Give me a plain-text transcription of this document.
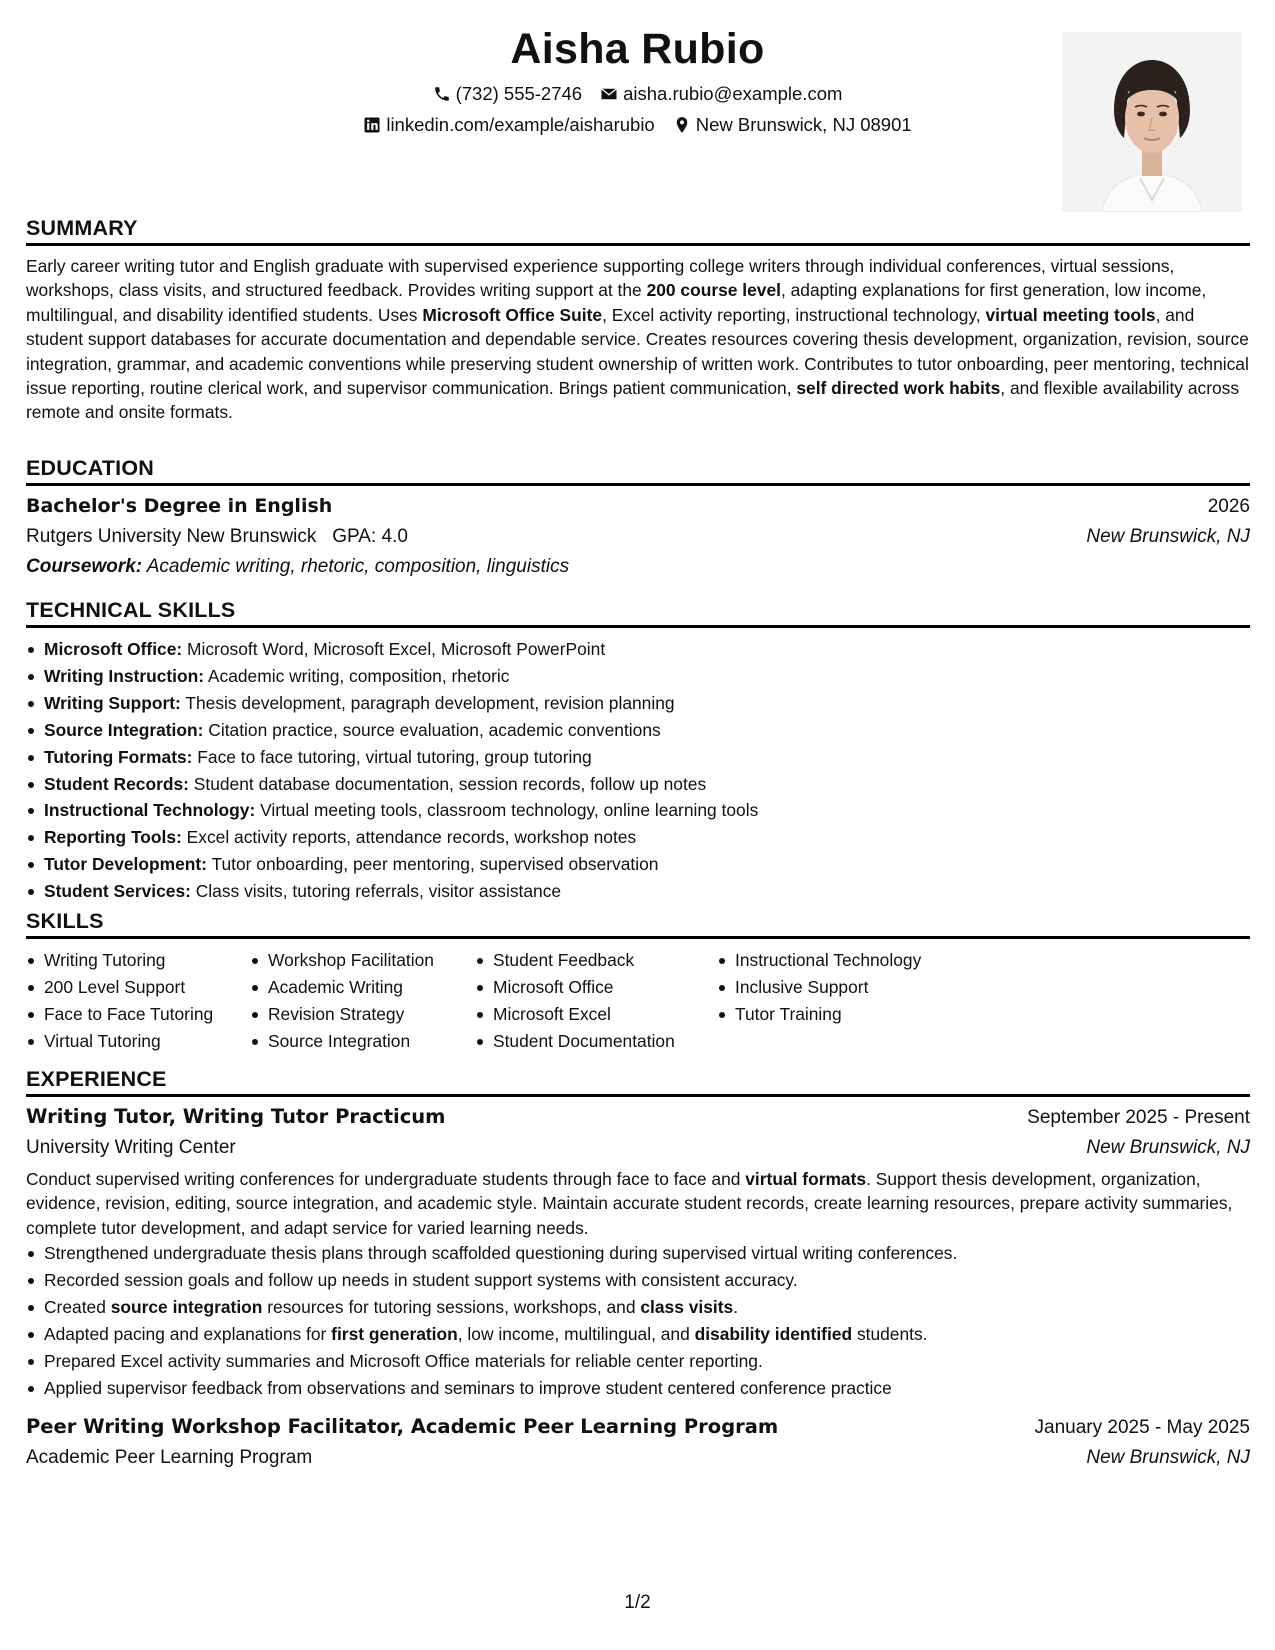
Aisha Rubio
(732) 555-2746 aisha.rubio@example.com
linkedin.com/example/aisharubio New Brunswick, NJ 08901
SUMMARY

Early career writing tutor and English graduate with supervised experience supporting college writers through individual conferences, virtual sessions, workshops, class visits, and structured feedback. Provides writing support at the 200 course level, adapting explanations for first generation, low income, multilingual, and disability identified students. Uses Microsoft Office Suite, Excel activity reporting, instructional technology, virtual meeting tools, and student support databases for accurate documentation and dependable service. Creates resources covering thesis development, organization, revision, source integration, grammar, and academic conventions while preserving student ownership of written work. Contributes to tutor onboarding, peer mentoring, technical issue reporting, routine clerical work, and supervisor communication. Brings patient communication, self directed work habits, and flexible availability across remote and onsite formats.

EDUCATION
Bachelor's Degree in English	2026
Rutgers University New Brunswick GPA: 4.0	New Brunswick, NJ
Coursework: Academic writing, rhetoric, composition, linguistics
TECHNICAL SKILLS
Microsoft Office: Microsoft Word, Microsoft Excel, Microsoft PowerPoint
Writing Instruction: Academic writing, composition, rhetoric
Writing Support: Thesis development, paragraph development, revision planning
Source Integration: Citation practice, source evaluation, academic conventions
Tutoring Formats: Face to face tutoring, virtual tutoring, group tutoring
Student Records: Student database documentation, session records, follow up notes
Instructional Technology: Virtual meeting tools, classroom technology, online learning tools
Reporting Tools: Excel activity reports, attendance records, workshop notes
Tutor Development: Tutor onboarding, peer mentoring, supervised observation
Student Services: Class visits, tutoring referrals, visitor assistance
SKILLS
Writing Tutoring
200 Level Support
Face to Face Tutoring
Virtual Tutoring
Workshop Facilitation
Academic Writing
Revision Strategy
Source Integration
Student Feedback
Microsoft Office
Microsoft Excel
Student Documentation
Instructional Technology
Inclusive Support
Tutor Training
EXPERIENCE
Writing Tutor, Writing Tutor Practicum	September 2025 - Present
University Writing Center	New Brunswick, NJ

Conduct supervised writing conferences for undergraduate students through face to face and virtual formats. Support thesis development, organization, evidence, revision, editing, source integration, and academic style. Maintain accurate student records, create learning resources, prepare activity summaries, complete tutor development, and adapt service for varied learning needs.

Strengthened undergraduate thesis plans through scaffolded questioning during supervised virtual writing conferences.
Recorded session goals and follow up needs in student support systems with consistent accuracy.
Created source integration resources for tutoring sessions, workshops, and class visits.
Adapted pacing and explanations for first generation, low income, multilingual, and disability identified students.
Prepared Excel activity summaries and Microsoft Office materials for reliable center reporting.
Applied supervisor feedback from observations and seminars to improve student centered conference practice
Peer Writing Workshop Facilitator, Academic Peer Learning Program	January 2025 - May 2025
Academic Peer Learning Program	New Brunswick, NJ
1/2
